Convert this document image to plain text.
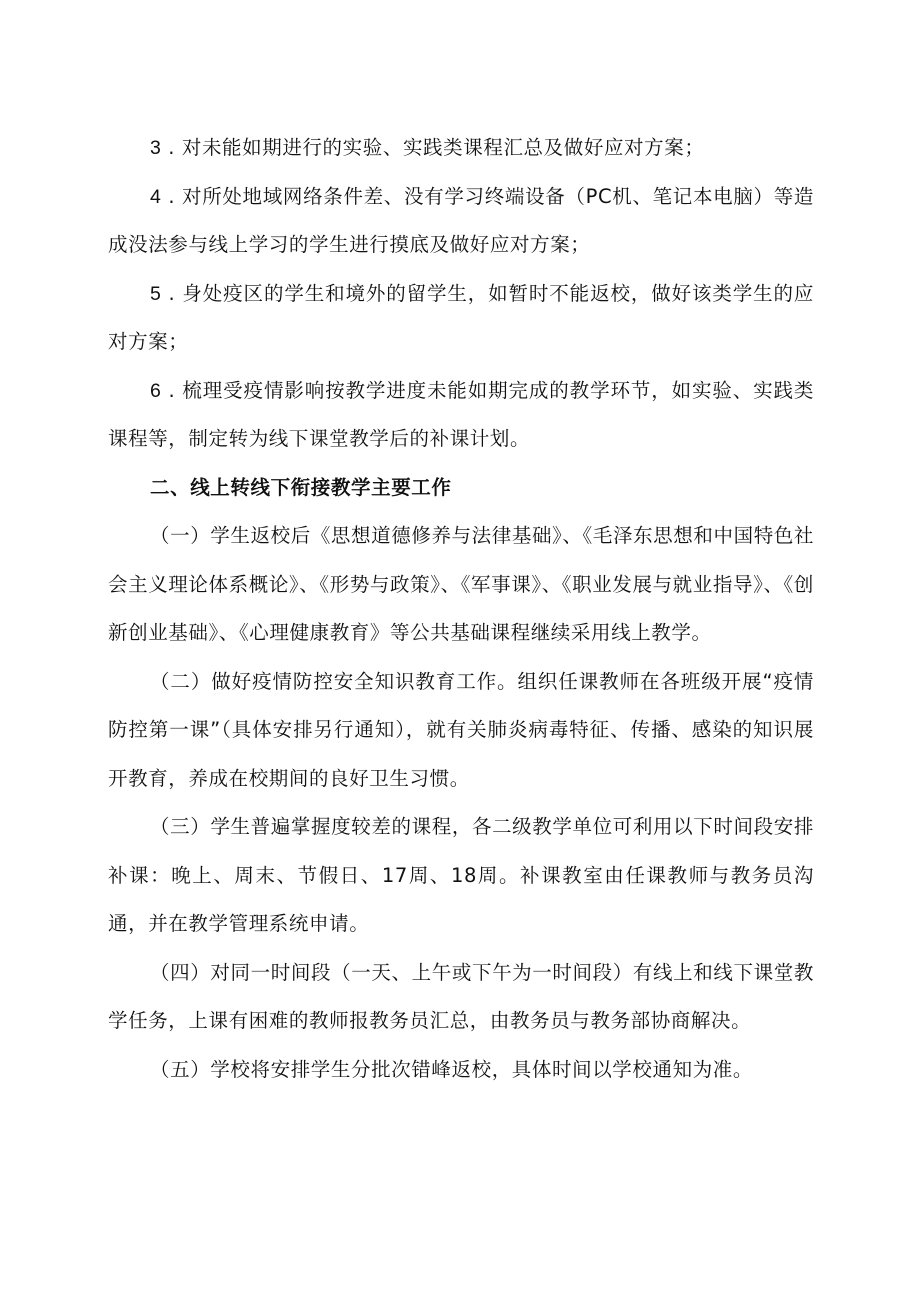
3 . 对未能如期进行的实验、实践类课程汇总及做好应对方案；

4 . 对所处地域网络条件差、没有学习终端设备（PC机、笔记本电脑）等造成没法参与线上学习的学生进行摸底及做好应对方案；

5 . 身处疫区的学生和境外的留学生，如暂时不能返校，做好该类学生的应对方案；

6 . 梳理受疫情影响按教学进度未能如期完成的教学环节，如实验、实践类课程等，制定转为线下课堂教学后的补课计划。

二、线上转线下衔接教学主要工作

（一）学生返校后《思想道德修养与法律基础》、《毛泽东思想和中国特色社会主义理论体系概论》、《形势与政策》、《军事课》、《职业发展与就业指导》、《创新创业基础》、《心理健康教育》等公共基础课程继续采用线上教学。

（二）做好疫情防控安全知识教育工作。组织任课教师在各班级开展“疫情防控第一课”（具体安排另行通知），就有关肺炎病毒特征、传播、感染的知识展开教育，养成在校期间的良好卫生习惯。

（三）学生普遍掌握度较差的课程，各二级教学单位可利用以下时间段安排补课：晚上、周末、节假日、17周、18周。补课教室由任课教师与教务员沟通，并在教学管理系统申请。

（四）对同一时间段（一天、上午或下午为一时间段）有线上和线下课堂教学任务，上课有困难的教师报教务员汇总，由教务员与教务部协商解决。

（五）学校将安排学生分批次错峰返校，具体时间以学校通知为准。
